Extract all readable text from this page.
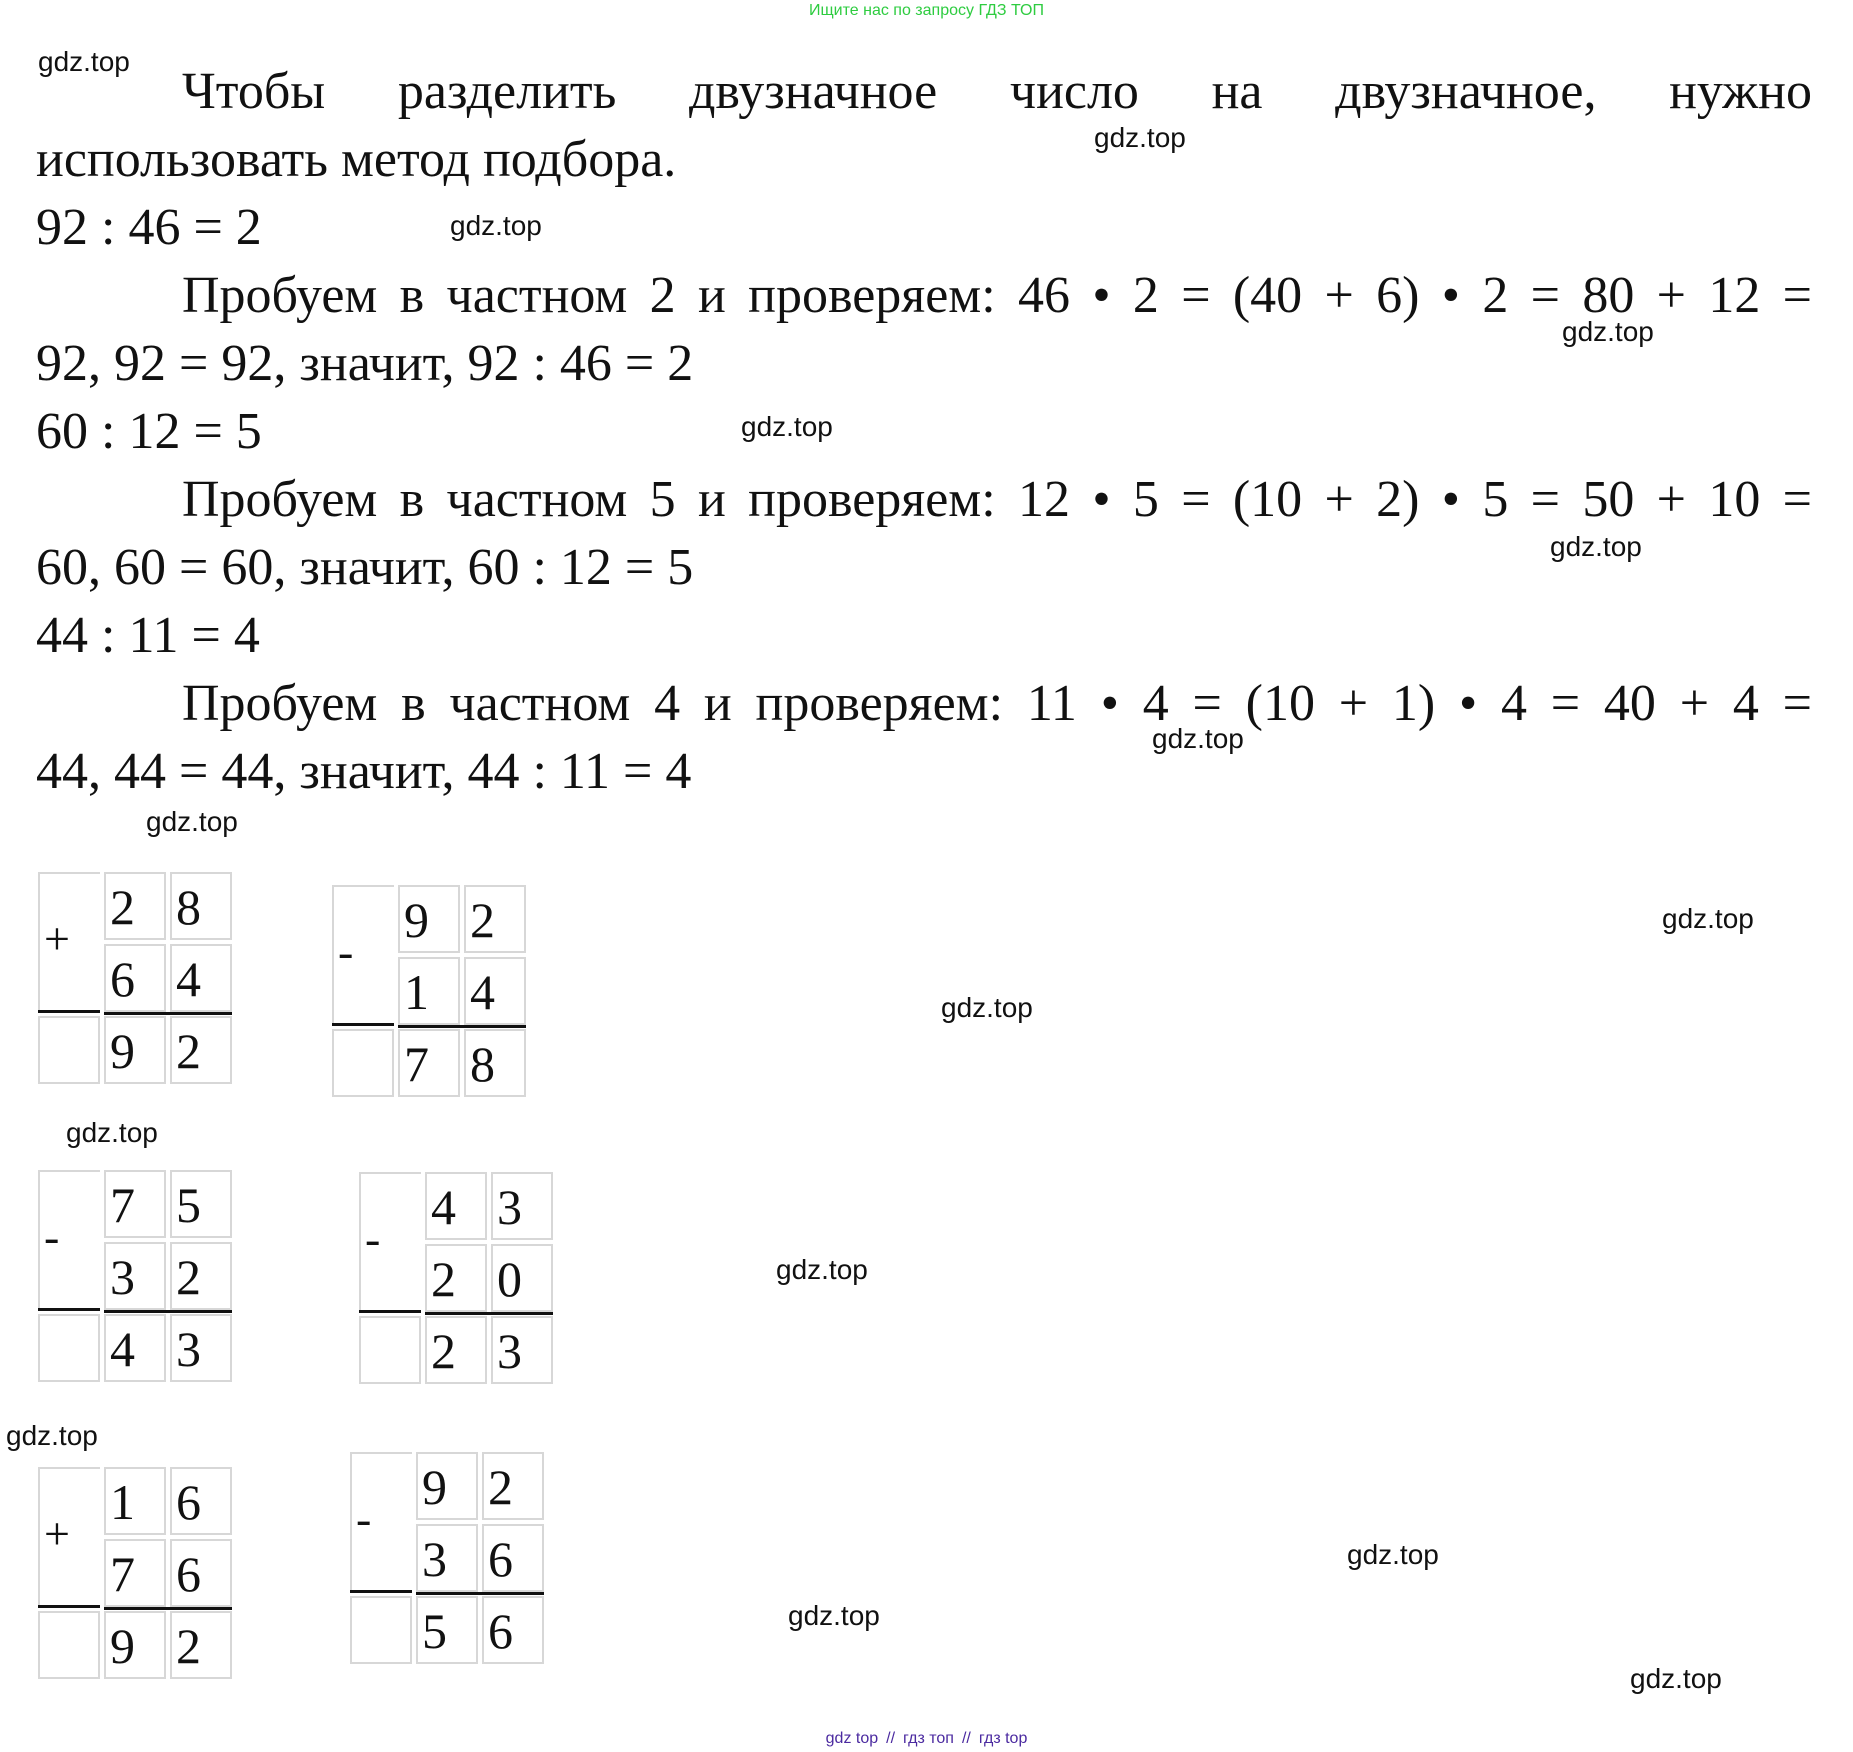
Ищите нас по запросу ГДЗ ТОП
Чтобы разделить двузначное число на двузначное, нужно
использовать метод подбора.
92 : 46 = 2
Пробуем в частном 2 и проверяем: 46 • 2 = (40 + 6) • 2 = 80 + 12 =
92, 92 = 92, значит, 92 : 46 = 2
60 : 12 = 5
Пробуем в частном 5 и проверяем: 12 • 5 = (10 + 2) • 5 = 50 + 10 =
60, 60 = 60, значит, 60 : 12 = 5
44 : 11 = 4
Пробуем в частном 4 и проверяем: 11 • 4 = (10 + 1) • 4 = 40 + 4 =
44, 44 = 44, значит, 44 : 11 = 4
+
2 8
6 4
9 2
-
9 2
1 4
7 8
-
7 5
3 2
4 3
-
4 3
2 0
2 3
+
1 6
7 6
9 2
-
9 2
3 6
5 6
gdz.top
gdz.top
gdz.top
gdz.top
gdz.top
gdz.top
gdz.top
gdz.top
gdz.top
gdz.top
gdz.top
gdz.top
gdz.top
gdz.top
gdz.top
gdz.top
gdz top // гдз топ // гдз top
